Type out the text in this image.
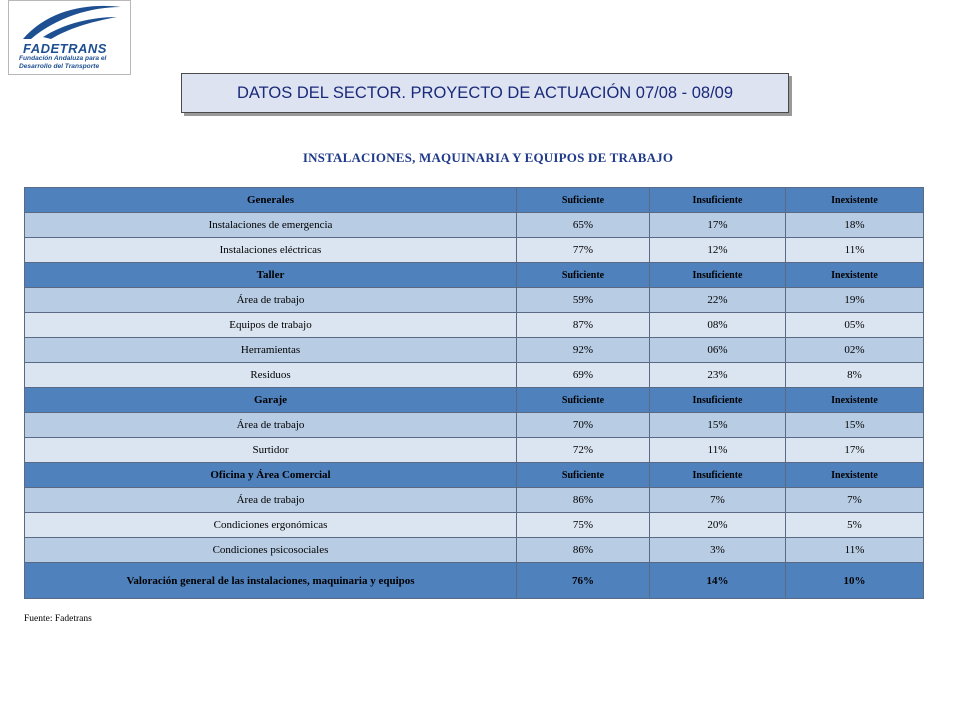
FADETRANS
Fundación Andaluza para el
Desarrollo del Transporte
DATOS DEL SECTOR. PROYECTO DE ACTUACIÓN 07/08 - 08/09
INSTALACIONES, MAQUINARIA Y EQUIPOS DE TRABAJO
Generales	Suficiente	Insuficiente	Inexistente
Instalaciones de emergencia	65%	17%	18%
Instalaciones eléctricas	77%	12%	11%
Taller	Suficiente	Insuficiente	Inexistente
Área de trabajo	59%	22%	19%
Equipos de trabajo	87%	08%	05%
Herramientas	92%	06%	02%
Residuos	69%	23%	8%
Garaje	Suficiente	Insuficiente	Inexistente
Área de trabajo	70%	15%	15%
Surtidor	72%	11%	17%
Oficina y Área Comercial	Suficiente	Insuficiente	Inexistente
Área de trabajo	86%	7%	7%
Condiciones ergonómicas	75%	20%	5%
Condiciones psicosociales	86%	3%	11%
Valoración general de las instalaciones, maquinaria y equipos	76%	14%	10%
Fuente: Fadetrans
